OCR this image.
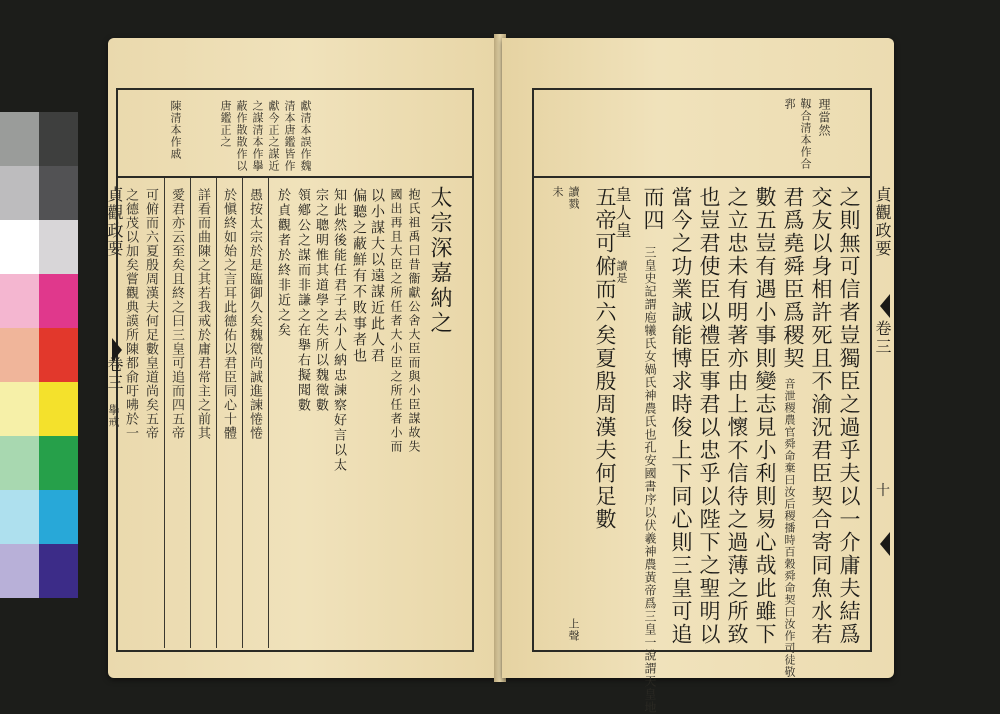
獻清本誤作魏
清本唐鑑皆作
獻今正之謀近
之謀清本作擧
蔽作散散作以
唐鑑正之
陳清本作戚
太宗深嘉納之
抱氏祖禹曰昔衞獻公舍大臣而與小臣謀故失
國出再且大臣之所任者大小臣之所任者小而
以小謀大以遠謀近此人君
偏聽之蔽鮮有不敗事者也
知此然後能任君子去小人納忠諫察好言以太
宗之聰明惟其道學之失所以魏徵數
領鄕公之謀而非謙之在擧右擬聞數
於貞觀者於終非近之矣
愚按太宗於是臨御久矣魏徵尚誠進諫惓惓
於愼終如始之言耳此德佑以君臣同心十體
詳看而曲陳之其若我戒於庸君常主之前其
愛君亦云至矣且終之曰三皇可追而四五帝
可俯而六夏殷周漢夫何足數皇道尚矣五帝
之德茂以加矣嘗觀典謨所陳都俞吁咈於一
貞觀政要
卷三
擧戒
理當然
靱合清本作合
郛
貞觀政要
卷三
十
之則無可信者豈獨臣之過乎夫以一介庸夫結爲
交友以身相許死且不渝況君臣契合寄同魚水若
君爲堯舜臣爲稷契
音泄稷農官舜命棄曰汝后稷播時百穀舜命契曰汝作司徒敬
數五豈有遇小事則變志見小利則易心哉此雖下
之立忠未有明著亦由上懷不信待之過薄之所致
也豈君使臣以禮臣事君以忠乎以陛下之聖明以
當今之功業誠能博求時俊上下同心則三皇可追
而四
三皇史記謂庖犧氏女媧氏神農氏也孔安國書序以伏羲神農黃帝爲三皇一說謂天皇地
皇人皇
五帝可俯而六矣夏殷周漢夫何足數
讀是
上聲
讀戮
未
